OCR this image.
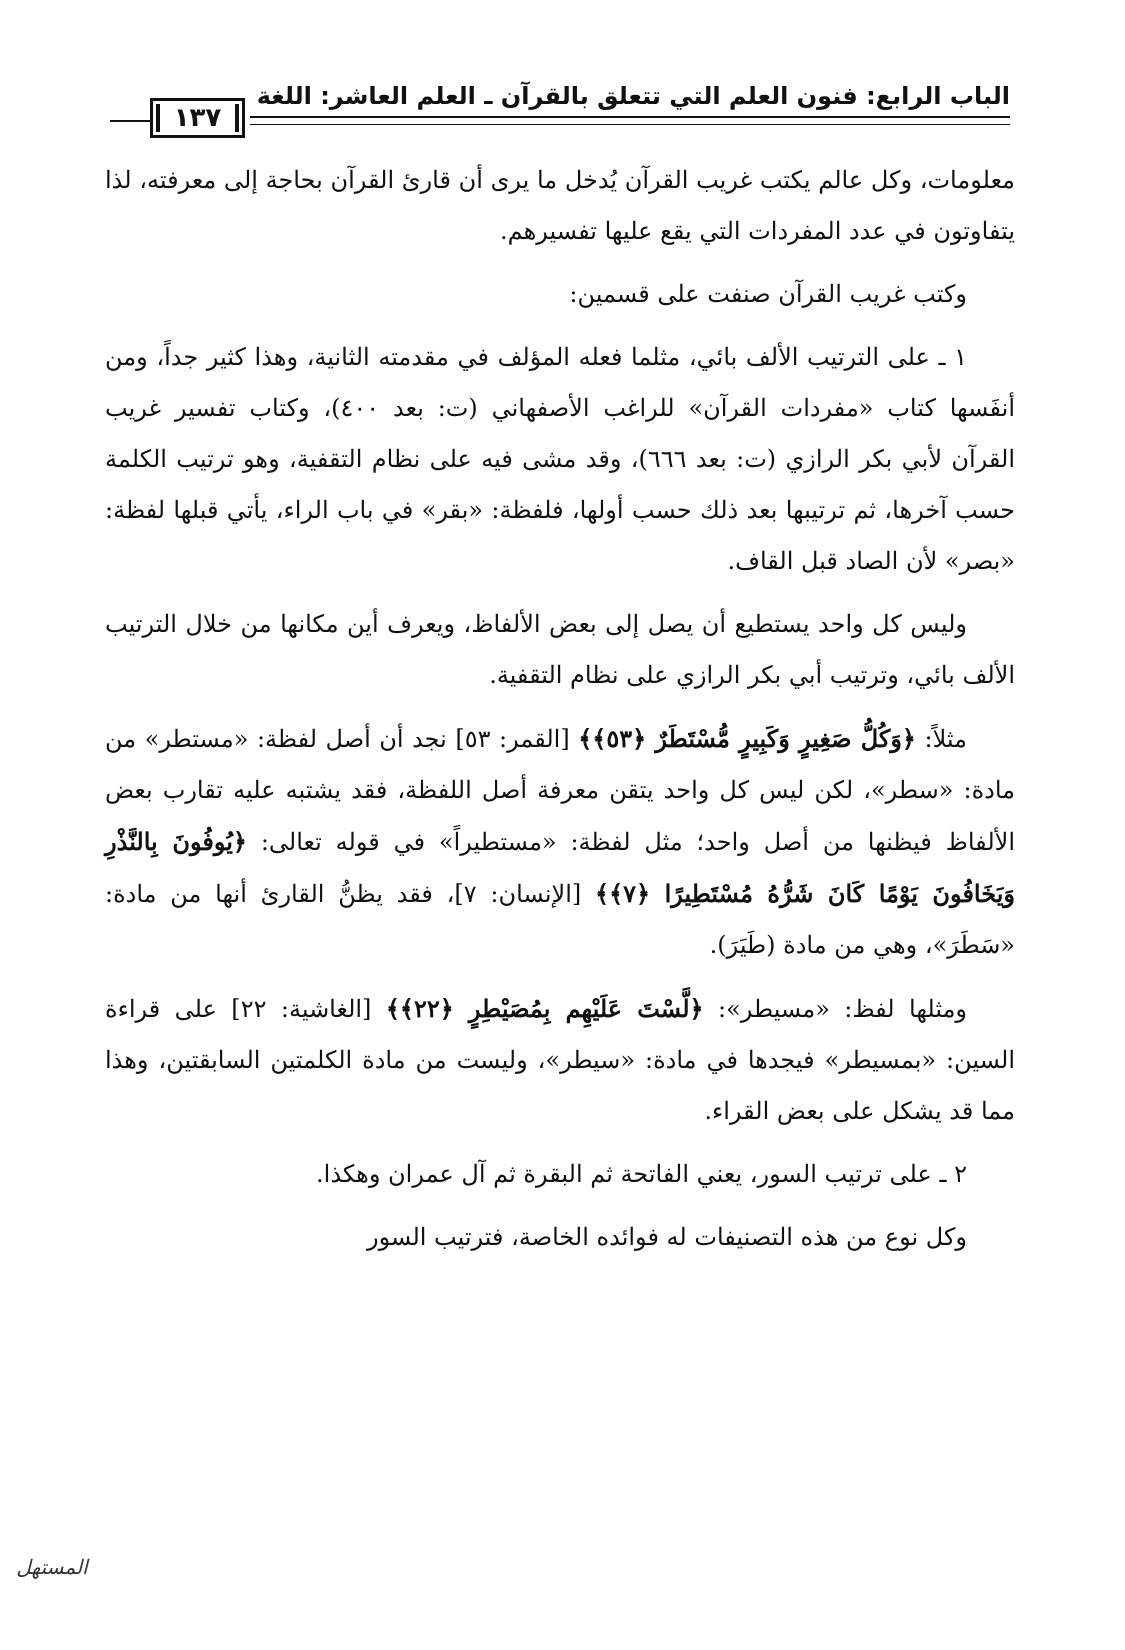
الباب الرابع: فنون العلم التي تتعلق بالقرآن ـ العلم العاشر: اللغة
١٣٧

معلومات، وكل عالم يكتب غريب القرآن يُدخل ما يرى أن قارئ القرآن بحاجة إلى معرفته، لذا يتفاوتون في عدد المفردات التي يقع عليها تفسيرهم.

وكتب غريب القرآن صنفت على قسمين:

١ ـ على الترتيب الألف بائي، مثلما فعله المؤلف في مقدمته الثانية، وهذا كثير جداً، ومن أنفَسها كتاب «مفردات القرآن» للراغب الأصفهاني (ت: بعد ٤٠٠)، وكتاب تفسير غريب القرآن لأبي بكر الرازي (ت: بعد ٦٦٦)، وقد مشى فيه على نظام التقفية، وهو ترتيب الكلمة حسب آخرها، ثم ترتيبها بعد ذلك حسب أولها، فلفظة: «بقر» في باب الراء، يأتي قبلها لفظة: «بصر» لأن الصاد قبل القاف.

وليس كل واحد يستطيع أن يصل إلى بعض الألفاظ، ويعرف أين مكانها من خلال الترتيب الألف بائي، وترتيب أبي بكر الرازي على نظام التقفية.

مثلاً: ﴿وَكُلُّ صَغِيرٍ وَكَبِيرٍ مُّسْتَطَرٌ ﴿٥٣﴾﴾ [القمر: ٥٣] نجد أن أصل لفظة: «مستطر» من مادة: «سطر»، لكن ليس كل واحد يتقن معرفة أصل اللفظة، فقد يشتبه عليه تقارب بعض الألفاظ فيظنها من أصل واحد؛ مثل لفظة: «مستطيراً» في قوله تعالى: ﴿يُوفُونَ بِالنَّذْرِ وَيَخَافُونَ يَوْمًا كَانَ شَرُّهُ مُسْتَطِيرًا ﴿٧﴾﴾ [الإنسان: ٧]، فقد يظنُّ القارئ أنها من مادة: «سَطَرَ»، وهي من مادة (طَيَرَ).

ومثلها لفظ: «مسيطر»: ﴿لَّسْتَ عَلَيْهِم بِمُصَيْطِرٍ ﴿٢٢﴾﴾ [الغاشية: ٢٢] على قراءة السين: «بمسيطر» فيجدها في مادة: «سيطر»، وليست من مادة الكلمتين السابقتين، وهذا مما قد يشكل على بعض القراء.

٢ ـ على ترتيب السور، يعني الفاتحة ثم البقرة ثم آل عمران وهكذا.

وكل نوع من هذه التصنيفات له فوائده الخاصة، فترتيب السور

المستهل
